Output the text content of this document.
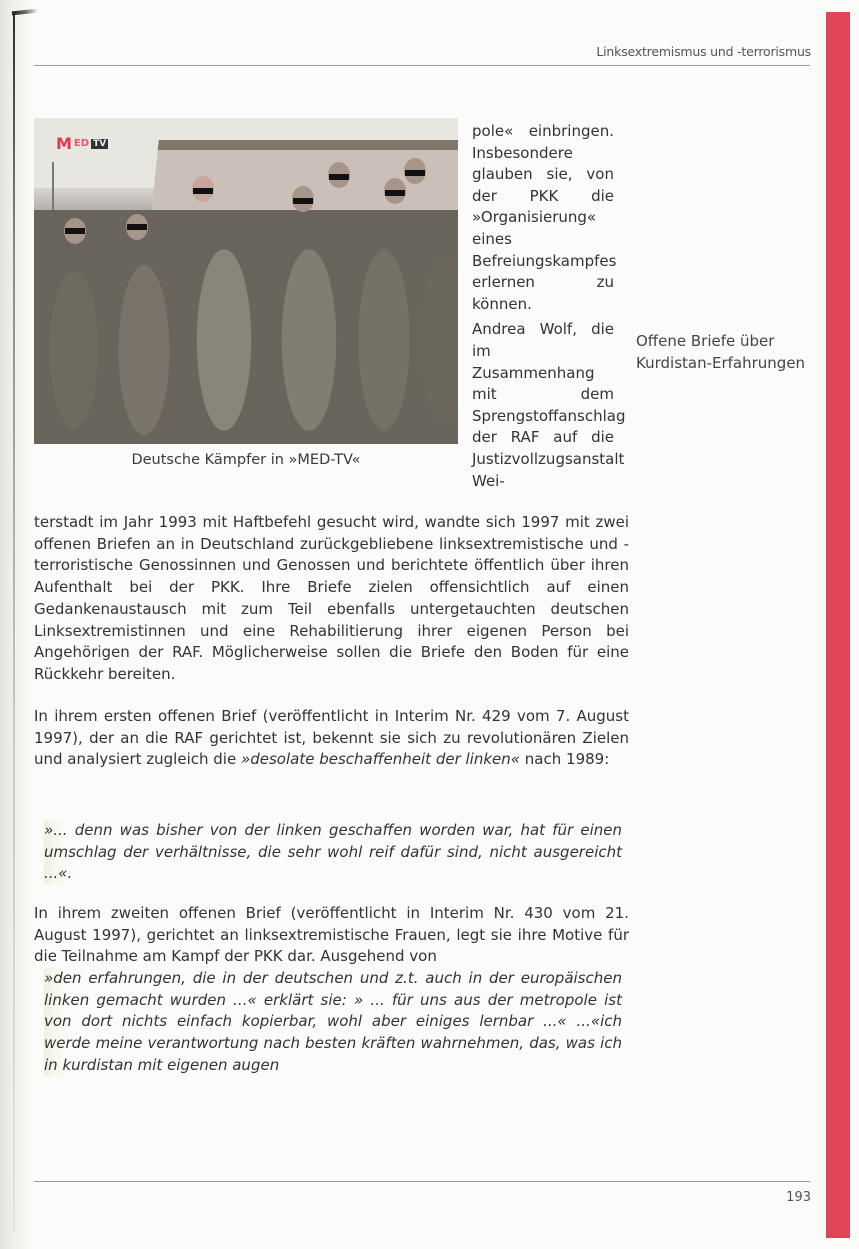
Linksextremismus und -terrorismus
M ED TV
Deutsche Kämpfer in »MED-TV«

pole« einbringen. Insbesondere glauben sie, von der PKK die »Organisierung« eines Befreiungskampfes erlernen zu können.

Andrea Wolf, die im Zusammenhang mit dem Sprengstoffanschlag der RAF auf die Justizvollzugsanstalt Wei-

Offene Briefe über Kurdistan-Erfahrungen

terstadt im Jahr 1993 mit Haftbefehl gesucht wird, wandte sich 1997 mit zwei offenen Briefen an in Deutschland zurückgebliebene linksextremistische und -terroristische Genossinnen und Genossen und berichtete öffentlich über ihren Aufenthalt bei der PKK. Ihre Briefe zielen offensichtlich auf einen Gedankenaustausch mit zum Teil ebenfalls untergetauchten deutschen Linksextremistinnen und eine Rehabilitierung ihrer eigenen Person bei Angehörigen der RAF. Möglicherweise sollen die Briefe den Boden für eine Rückkehr bereiten.

In ihrem ersten offenen Brief (veröffentlicht in Interim Nr. 429 vom 7. August 1997), der an die RAF gerichtet ist, bekennt sie sich zu revolutionären Zielen und analysiert zugleich die »desolate beschaffenheit der linken« nach 1989:

»... denn was bisher von der linken geschaffen worden war, hat für einen umschlag der verhältnisse, die sehr wohl reif dafür sind, nicht ausgereicht ...«.

In ihrem zweiten offenen Brief (veröffentlicht in Interim Nr. 430 vom 21. August 1997), gerichtet an linksextremistische Frauen, legt sie ihre Motive für die Teilnahme am Kampf der PKK dar. Ausgehend von

»den erfahrungen, die in der deutschen und z.t. auch in der europäischen linken gemacht wurden ...« erklärt sie: » ... für uns aus der metropole ist von dort nichts einfach kopierbar, wohl aber einiges lernbar ...« ...«ich werde meine verantwortung nach besten kräften wahrnehmen, das, was ich in kurdistan mit eigenen augen
193
